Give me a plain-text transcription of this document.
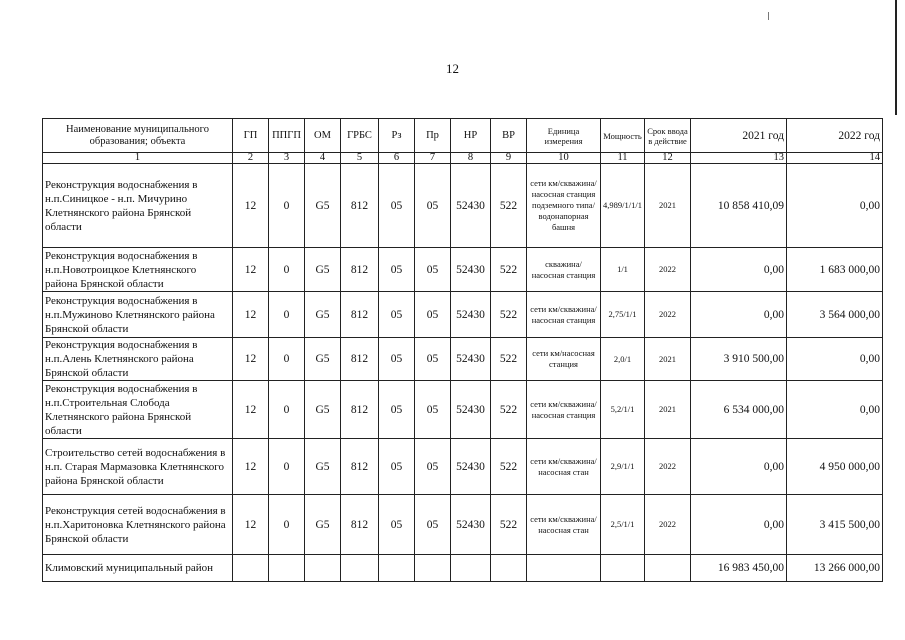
12
Наименование муниципального образования; объекта	ГП	ППГП	ОМ	ГРБС	Рз	Пр	НР	ВР	Единица измерения	Мощность	Срок ввода в действие	2021 год	2022 год
1	2	3	4	5	6	7	8	9	10	11	12	13	14
Реконструкция водоснабжения в н.п.Синицкое - н.п. Мичурино Клетнянского района Брянской области	12	0	G5	812	05	05	52430	522	сети км/скважина/насосная станция подземного типа/водонапорная башня	4,989/1/1/1	2021	10 858 410,09	0,00
Реконструкция водоснабжения в н.п.Новотроицкое Клетнянского района Брянской области	12	0	G5	812	05	05	52430	522	скважина/насосная станция	1/1	2022	0,00	1 683 000,00
Реконструкция водоснабжения в н.п.Мужиново Клетнянского района Брянской области	12	0	G5	812	05	05	52430	522	сети км/скважина/насосная станция	2,75/1/1	2022	0,00	3 564 000,00
Реконструкция водоснабжения в н.п.Алень Клетнянского района Брянской области	12	0	G5	812	05	05	52430	522	сети км/насосная станция	2,0/1	2021	3 910 500,00	0,00
Реконструкция водоснабжения в н.п.Строительная Слобода Клетнянского района Брянской области	12	0	G5	812	05	05	52430	522	сети км/скважина/насосная станция	5,2/1/1	2021	6 534 000,00	0,00
Строительство сетей водоснабжения в н.п. Старая Мармазовка Клетнянского района Брянской области	12	0	G5	812	05	05	52430	522	сети км/скважина/насосная стан	2,9/1/1	2022	0,00	4 950 000,00
Реконструкция сетей водоснабжения в н.п.Харитоновка Клетнянского района Брянской области	12	0	G5	812	05	05	52430	522	сети км/скважина/насосная стан	2,5/1/1	2022	0,00	3 415 500,00
Климовский муниципальный район												16 983 450,00	13 266 000,00
